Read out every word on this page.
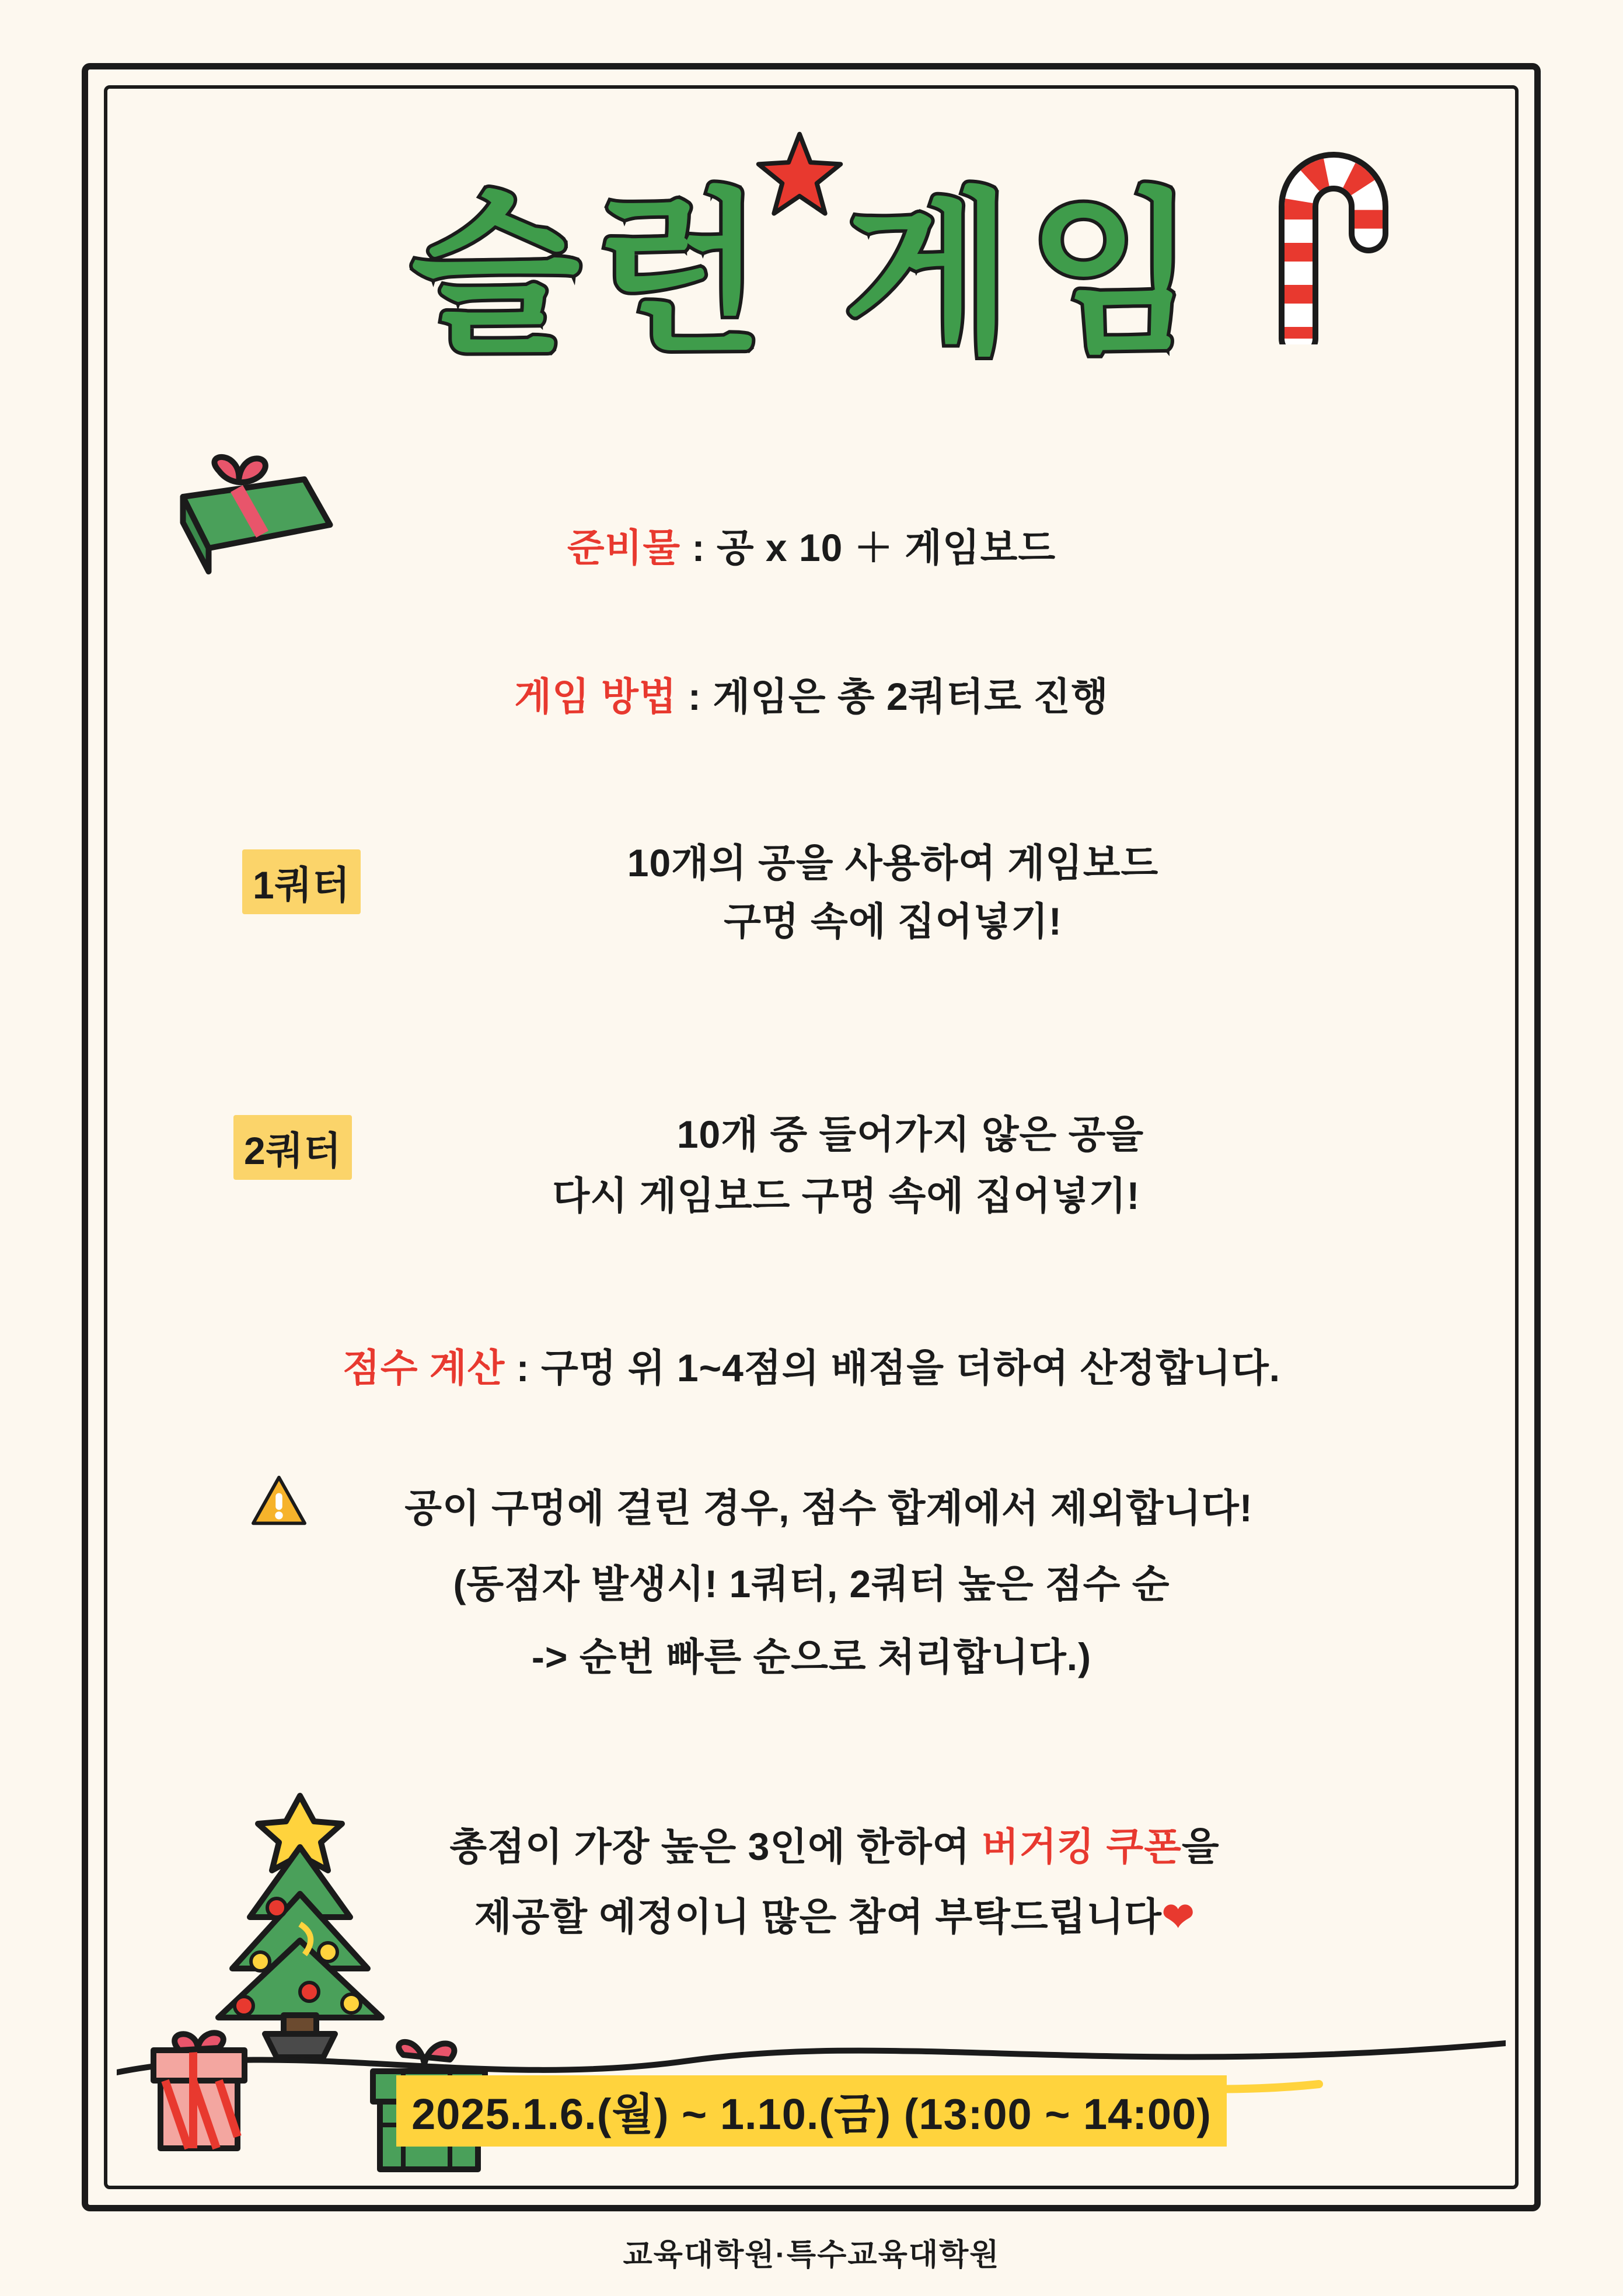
슬런 게임
준비물 : 공 x 10 ＋ 게임보드
게임 방법 : 게임은 총 2쿼터로 진행
1쿼터
10개의 공을 사용하여 게임보드
구멍 속에 집어넣기!
2쿼터	10개 중 들어가지 않은 공을
다시 게임보드 구멍 속에 집어넣기!
점수 계산 : 구멍 위 1~4점의 배점을 더하여 산정합니다.
공이 구멍에 걸린 경우, 점수 합계에서 제외합니다!
(동점자 발생시! 1쿼터, 2쿼터 높은 점수 순
-> 순번 빠른 순으로 처리합니다.)
총점이 가장 높은 3인에 한하여 버거킹 쿠폰을
제공할 예정이니 많은 참여 부탁드립니다❤
2025.1.6.(월) ~ 1.10.(금) (13:00 ~ 14:00)
교육대학원·특수교육대학원
